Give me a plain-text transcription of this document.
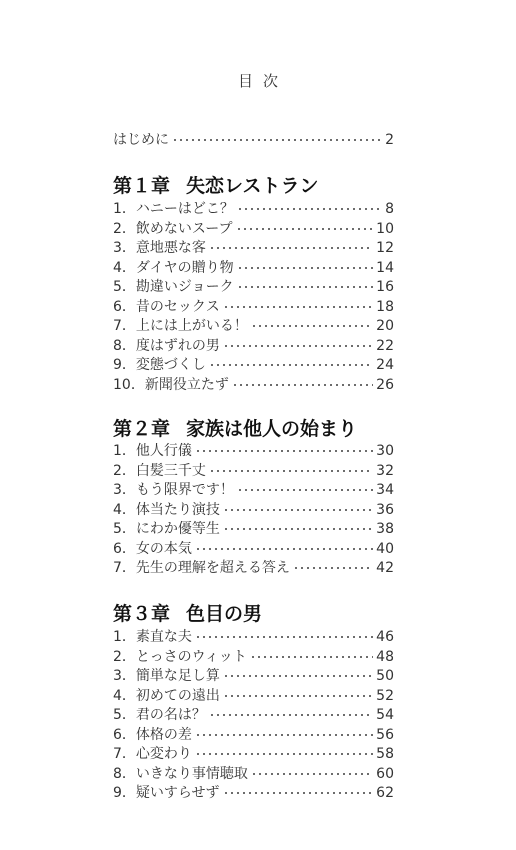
目次
はじめに	2
第１章 失恋レストラン
1．ハニーはどこ？	8
2．飲めないスープ	10
3．意地悪な客	12
4．ダイヤの贈り物	14
5．勘違いジョーク	16
6．昔のセックス	18
7．上には上がいる！	20
8．度はずれの男	22
9．変態づくし	24
10．新聞役立たず	26
第２章 家族は他人の始まり
1．他人行儀	30
2．白髪三千丈	32
3．もう限界です！	34
4．体当たり演技	36
5．にわか優等生	38
6．女の本気	40
7．先生の理解を超える答え	42
第３章 色目の男
1．素直な夫	46
2．とっさのウィット	48
3．簡単な足し算	50
4．初めての遠出	52
5．君の名は？	54
6．体格の差	56
7．心変わり	58
8．いきなり事情聴取	60
9．疑いすらせず	62
